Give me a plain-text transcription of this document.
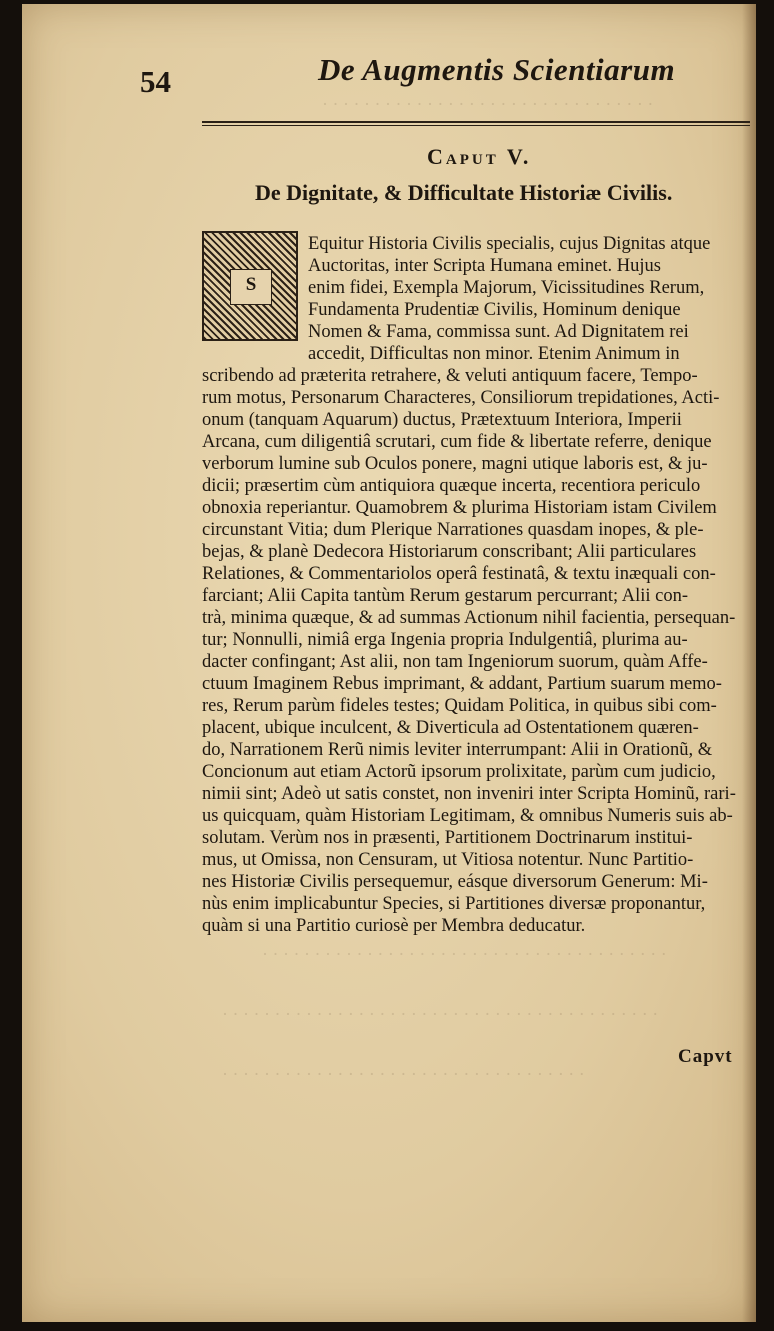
· · · · · · · · · · · · · · · · · · · · · · · · · · · · · · · ·
· · · · · · · · · · · · · · · · · · · · · · · · · · · · · · · · · · · · · · ·
· · · · · · · · · · · · · · · · · · · · · · · · · · · · · · · · · · · · · · · · · ·
· · · · · · · · · · · · · · · · · · · · · · · · · · · · · · · · · · ·
54	De Augmentis Scientiarum
Caput V.
De Dignitate, & Difficultate Historiæ Civilis.
S
Equitur Historia Civilis specialis, cujus Dignitas atque
Auctoritas, inter Scripta Humana eminet. Hujus
enim fidei, Exempla Majorum, Vicissitudines Rerum,
Fundamenta Prudentiæ Civilis, Hominum denique
Nomen & Fama, commissa sunt. Ad Dignitatem rei
accedit, Difficultas non minor. Etenim Animum in
scribendo ad præterita retrahere, & veluti antiquum facere, Tempo-
rum motus, Personarum Characteres, Consiliorum trepidationes, Acti-
onum (tanquam Aquarum) ductus, Prætextuum Interiora, Imperii
Arcana, cum diligentiâ scrutari, cum fide & libertate referre, denique
verborum lumine sub Oculos ponere, magni utique laboris est, & ju-
dicii; præsertim cùm antiquiora quæque incerta, recentiora periculo
obnoxia reperiantur. Quamobrem & plurima Historiam istam Civilem
circunstant Vitia; dum Plerique Narrationes quasdam inopes, & ple-
bejas, & planè Dedecora Historiarum conscribant; Alii particulares
Relationes, & Commentariolos operâ festinatâ, & textu inæquali con-
farciant; Alii Capita tantùm Rerum gestarum percurrant; Alii con-
trà, minima quæque, & ad summas Actionum nihil facientia, persequan-
tur; Nonnulli, nimiâ erga Ingenia propria Indulgentiâ, plurima au-
dacter confingant; Ast alii, non tam Ingeniorum suorum, quàm Affe-
ctuum Imaginem Rebus imprimant, & addant, Partium suarum memo-
res, Rerum parùm fideles testes; Quidam Politica, in quibus sibi com-
placent, ubique inculcent, & Diverticula ad Ostentationem quæren-
do, Narrationem Rerũ nimis leviter interrumpant: Alii in Orationũ, &
Concionum aut etiam Actorũ ipsorum prolixitate, parùm cum judicio,
nimii sint; Adeò ut satis constet, non inveniri inter Scripta Hominũ, rari-
us quicquam, quàm Historiam Legitimam, & omnibus Numeris suis ab-
solutam. Verùm nos in præsenti, Partitionem Doctrinarum institui-
mus, ut Omissa, non Censuram, ut Vitiosa notentur. Nunc Partitio-
nes Historiæ Civilis persequemur, eásque diversorum Generum: Mi-
nùs enim implicabuntur Species, si Partitiones diversæ proponantur,
quàm si una Partitio curiosè per Membra deducatur.
Capvt
